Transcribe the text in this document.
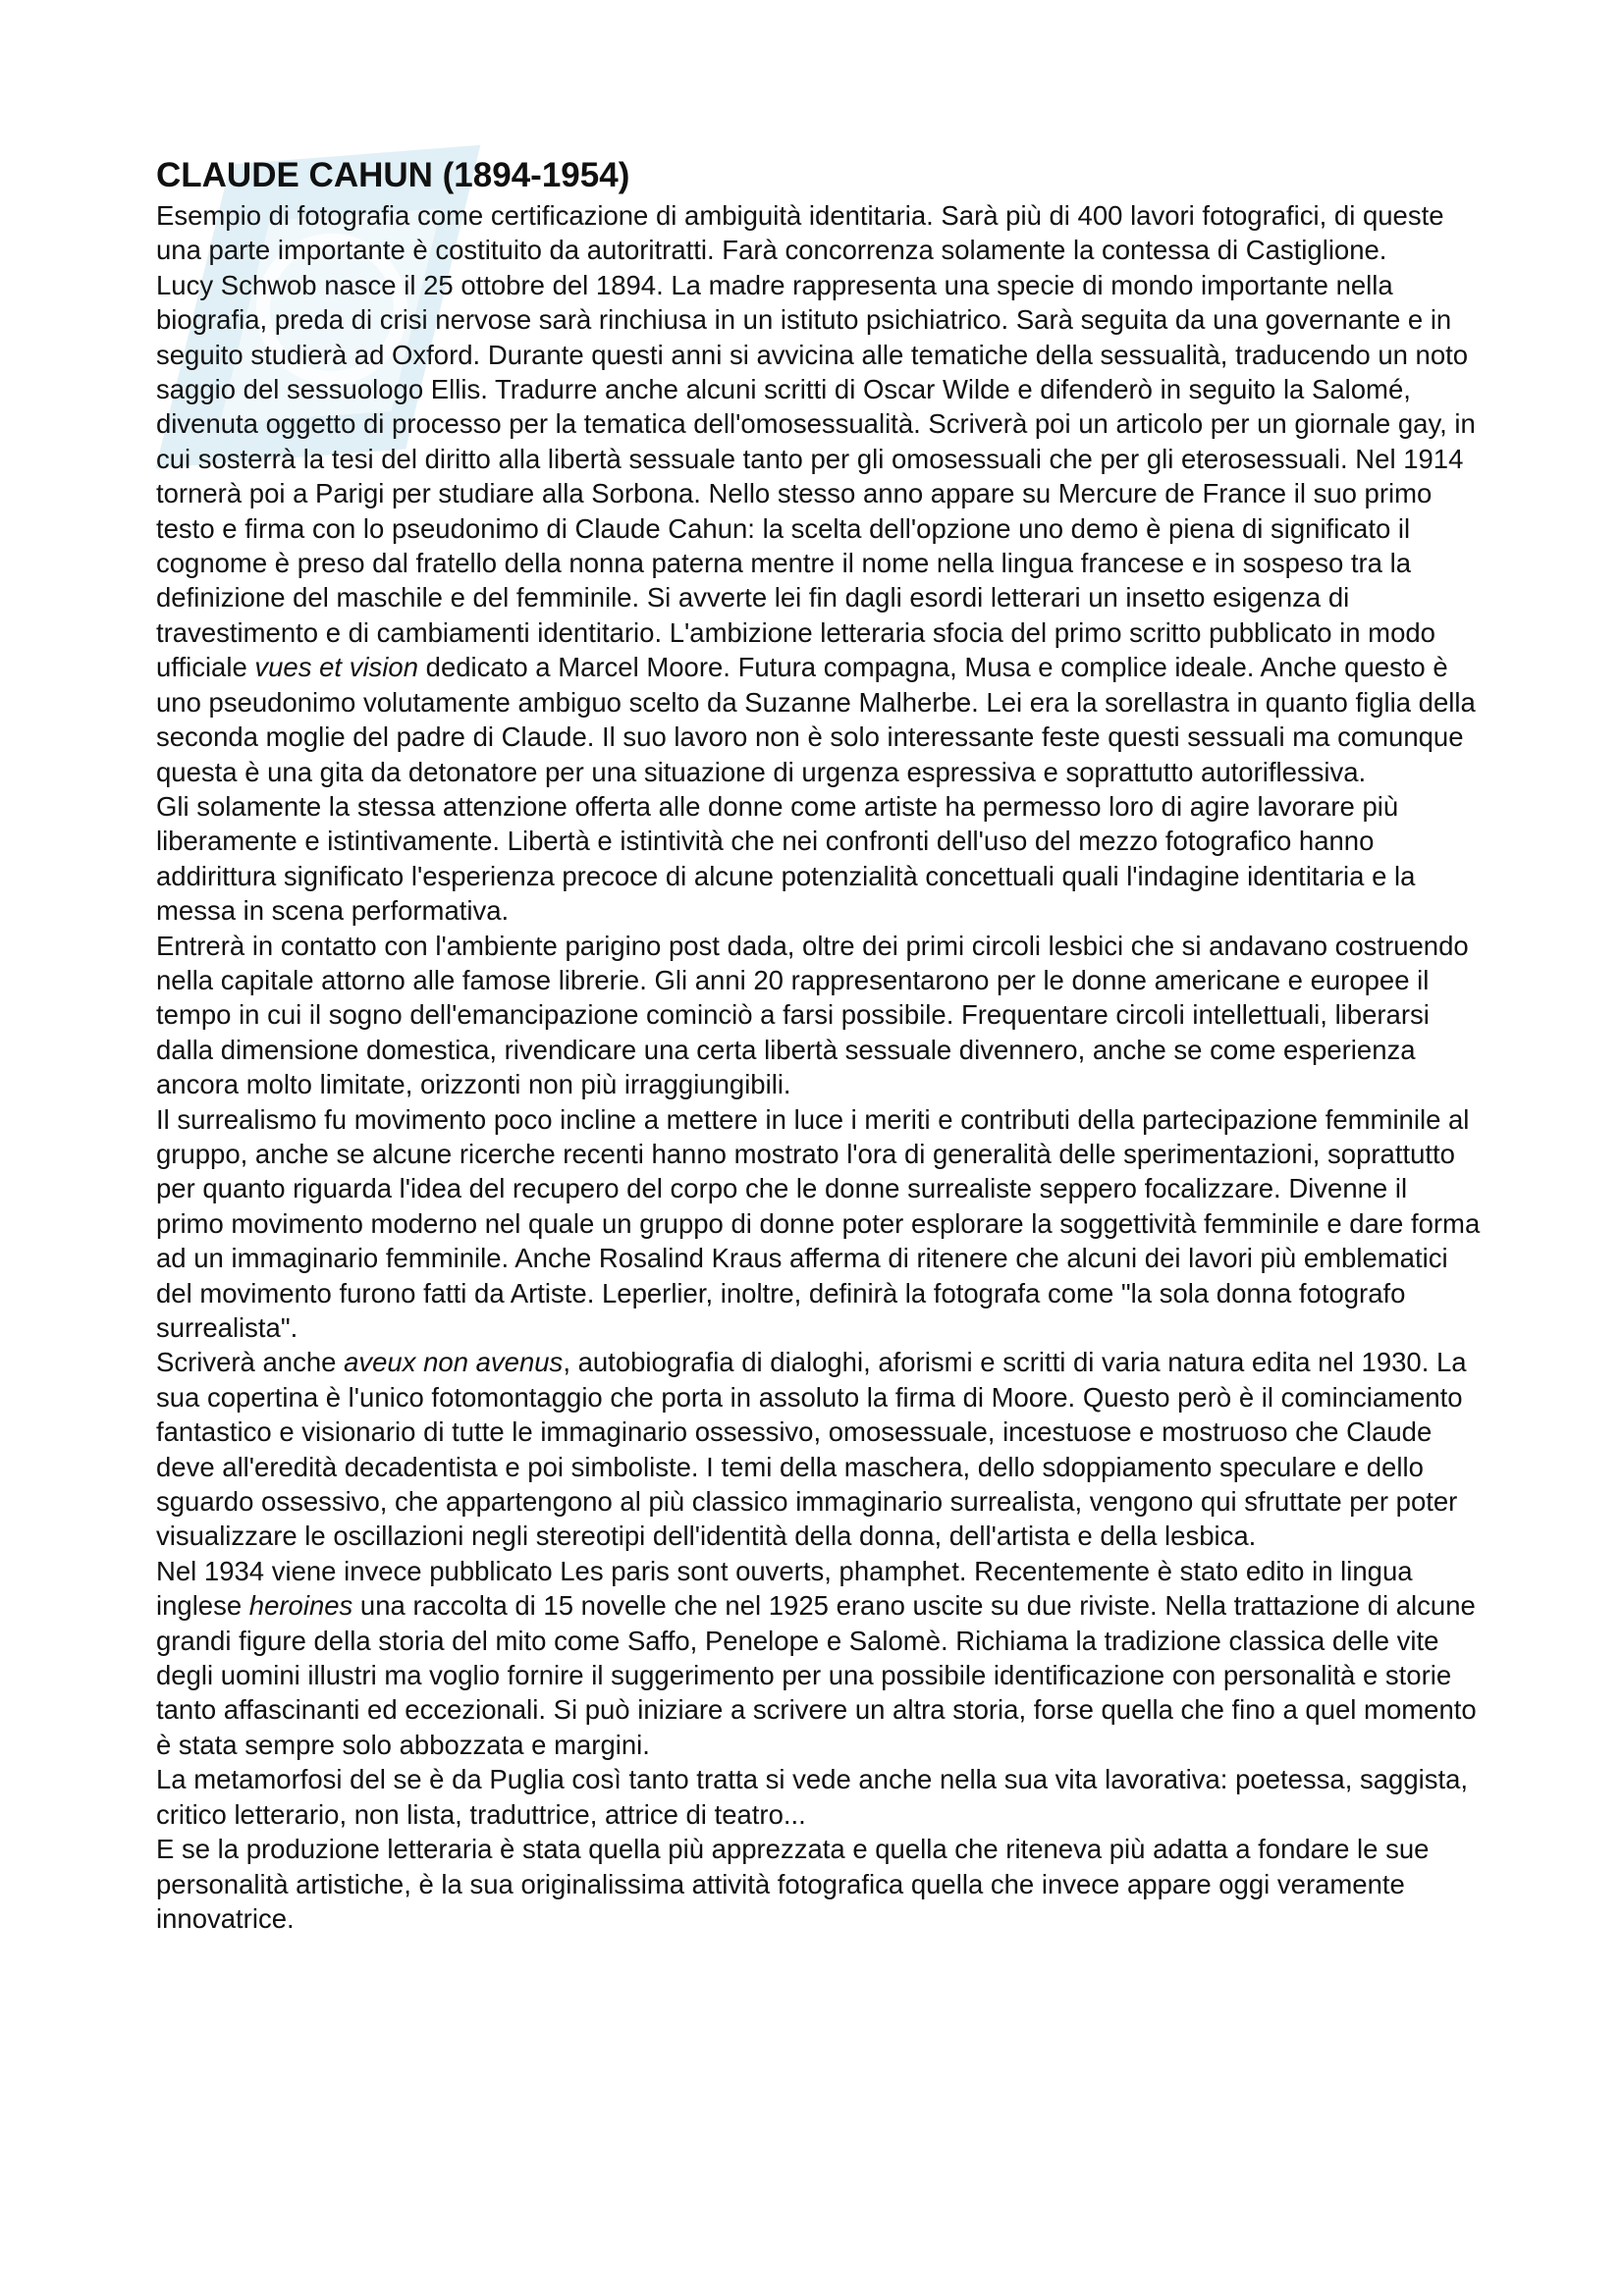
CLAUDE CAHUN (1894-1954)

Esempio di fotografia come certificazione di ambiguità identitaria. Sarà più di 400 lavori fotografici, di queste una parte importante è costituito da autoritratti. Farà concorrenza solamente la contessa di Castiglione.

Lucy Schwob nasce il 25 ottobre del 1894. La madre rappresenta una specie di mondo importante nella biografia, preda di crisi nervose sarà rinchiusa in un istituto psichiatrico. Sarà seguita da una governante e in seguito studierà ad Oxford. Durante questi anni si avvicina alle tematiche della sessualità, traducendo un noto saggio del sessuologo Ellis. Tradurre anche alcuni scritti di Oscar Wilde e difenderò in seguito la Salomé, divenuta oggetto di processo per la tematica dell'omosessualità. Scriverà poi un articolo per un giornale gay, in cui sosterrà la tesi del diritto alla libertà sessuale tanto per gli omosessuali che per gli eterosessuali. Nel 1914 tornerà poi a Parigi per studiare alla Sorbona. Nello stesso anno appare su Mercure de France il suo primo testo e firma con lo pseudonimo di Claude Cahun: la scelta dell'opzione uno demo è piena di significato il cognome è preso dal fratello della nonna paterna mentre il nome nella lingua francese e in sospeso tra la definizione del maschile e del femminile. Si avverte lei fin dagli esordi letterari un insetto esigenza di travestimento e di cambiamenti identitario. L'ambizione letteraria sfocia del primo scritto pubblicato in modo ufficiale vues et vision dedicato a Marcel Moore. Futura compagna, Musa e complice ideale. Anche questo è uno pseudonimo volutamente ambiguo scelto da Suzanne Malherbe. Lei era la sorellastra in quanto figlia della seconda moglie del padre di Claude. Il suo lavoro non è solo interessante feste questi sessuali ma comunque questa è una gita da detonatore per una situazione di urgenza espressiva e soprattutto autoriflessiva.

Gli solamente la stessa attenzione offerta alle donne come artiste ha permesso loro di agire lavorare più liberamente e istintivamente. Libertà e istintività che nei confronti dell'uso del mezzo fotografico hanno addirittura significato l'esperienza precoce di alcune potenzialità concettuali quali l'indagine identitaria e la messa in scena performativa.

Entrerà in contatto con l'ambiente parigino post dada, oltre dei primi circoli lesbici che si andavano costruendo nella capitale attorno alle famose librerie. Gli anni 20 rappresentarono per le donne americane e europee il tempo in cui il sogno dell'emancipazione cominciò a farsi possibile. Frequentare circoli intellettuali, liberarsi dalla dimensione domestica, rivendicare una certa libertà sessuale divennero, anche se come esperienza ancora molto limitate, orizzonti non più irraggiungibili.

Il surrealismo fu movimento poco incline a mettere in luce i meriti e contributi della partecipazione femminile al gruppo, anche se alcune ricerche recenti hanno mostrato l'ora di generalità delle sperimentazioni, soprattutto per quanto riguarda l'idea del recupero del corpo che le donne surrealiste seppero focalizzare. Divenne il primo movimento moderno nel quale un gruppo di donne poter esplorare la soggettività femminile e dare forma ad un immaginario femminile. Anche Rosalind Kraus afferma di ritenere che alcuni dei lavori più emblematici del movimento furono fatti da Artiste. Leperlier, inoltre, definirà la fotografa come "la sola donna fotografo surrealista".

Scriverà anche aveux non avenus, autobiografia di dialoghi, aforismi e scritti di varia natura edita nel 1930. La sua copertina è l'unico fotomontaggio che porta in assoluto la firma di Moore. Questo però è il cominciamento fantastico e visionario di tutte le immaginario ossessivo, omosessuale, incestuose e mostruoso che Claude deve all'eredità decadentista e poi simboliste. I temi della maschera, dello sdoppiamento speculare e dello sguardo ossessivo, che appartengono al più classico immaginario surrealista, vengono qui sfruttate per poter visualizzare le oscillazioni negli stereotipi dell'identità della donna, dell'artista e della lesbica.

Nel 1934 viene invece pubblicato Les paris sont ouverts, phamphet. Recentemente è stato edito in lingua inglese heroines una raccolta di 15 novelle che nel 1925 erano uscite su due riviste. Nella trattazione di alcune grandi figure della storia del mito come Saffo, Penelope e Salomè. Richiama la tradizione classica delle vite degli uomini illustri ma voglio fornire il suggerimento per una possibile identificazione con personalità e storie tanto affascinanti ed eccezionali. Si può iniziare a scrivere un altra storia, forse quella che fino a quel momento è stata sempre solo abbozzata e margini.

La metamorfosi del se è da Puglia così tanto tratta si vede anche nella sua vita lavorativa: poetessa, saggista, critico letterario, non lista, traduttrice, attrice di teatro...

E se la produzione letteraria è stata quella più apprezzata e quella che riteneva più adatta a fondare le sue personalità artistiche, è la sua originalissima attività fotografica quella che invece appare oggi veramente innovatrice.
